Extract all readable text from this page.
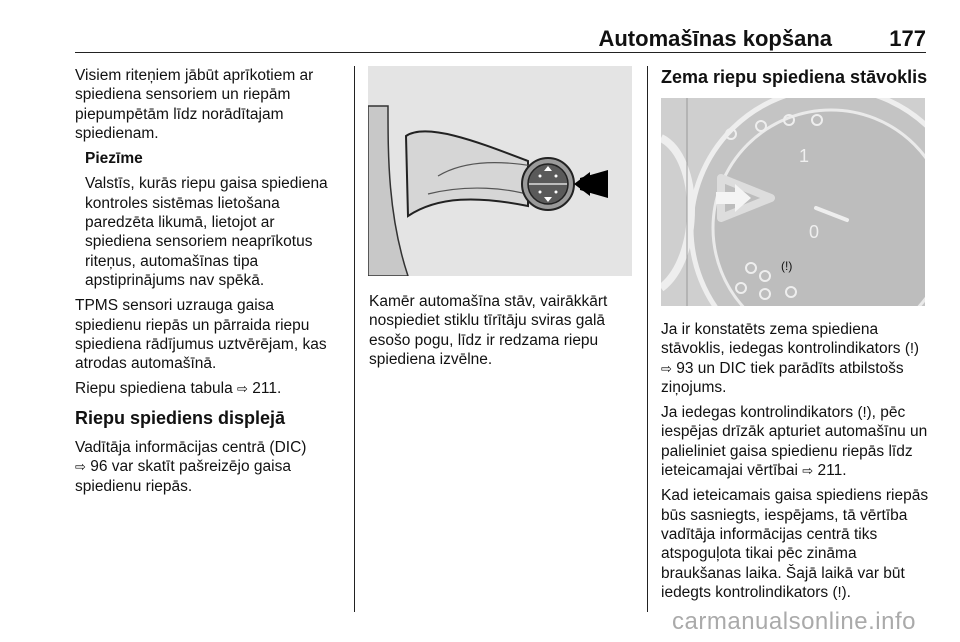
Automašīnas kopšana	177

Visiem riteņiem jābūt aprīkotiem ar spiediena sensoriem un riepām piepumpētām līdz norādītajam spiedienam.

Piezīme

Valstīs, kurās riepu gaisa spiediena kontroles sistēmas lietošana paredzēta likumā, lietojot ar spiediena sensoriem neaprīkotus riteņus, automašīnas tipa apstiprinājums nav spēkā.

TPMS sensori uzrauga gaisa spiedienu riepās un pārraida riepu spiediena rādījumus uztvērējam, kas atrodas automašīnā.

Riepu spiediena tabula ⇨ 211.

Riepu spiediens displejā

Vadītāja informācijas centrā (DIC)
⇨ 96 var skatīt pašreizējo gaisa spiedienu riepās.

Kamēr automašīna stāv, vairākkārt nospiediet stiklu tīrītāju sviras galā esošo pogu, līdz ir redzama riepu spiediena izvēlne.

Zema riepu spiediena stāvoklis
1
0
(!)

Ja ir konstatēts zema spiediena stāvoklis, iedegas kontrolindikators (!) ⇨ 93 un DIC tiek parādīts atbilstošs ziņojums.

Ja iedegas kontrolindikators (!), pēc iespējas drīzāk apturiet automašīnu un palieliniet gaisa spiedienu riepās līdz ieteicamajai vērtībai ⇨ 211.

Kad ieteicamais gaisa spiediens riepās būs sasniegts, iespējams, tā vērtība vadītāja informācijas centrā tiks atspoguļota tikai pēc zināma braukšanas laika. Šajā laikā var būt iedegts kontrolindikators (!).

carmanualsonline.info
